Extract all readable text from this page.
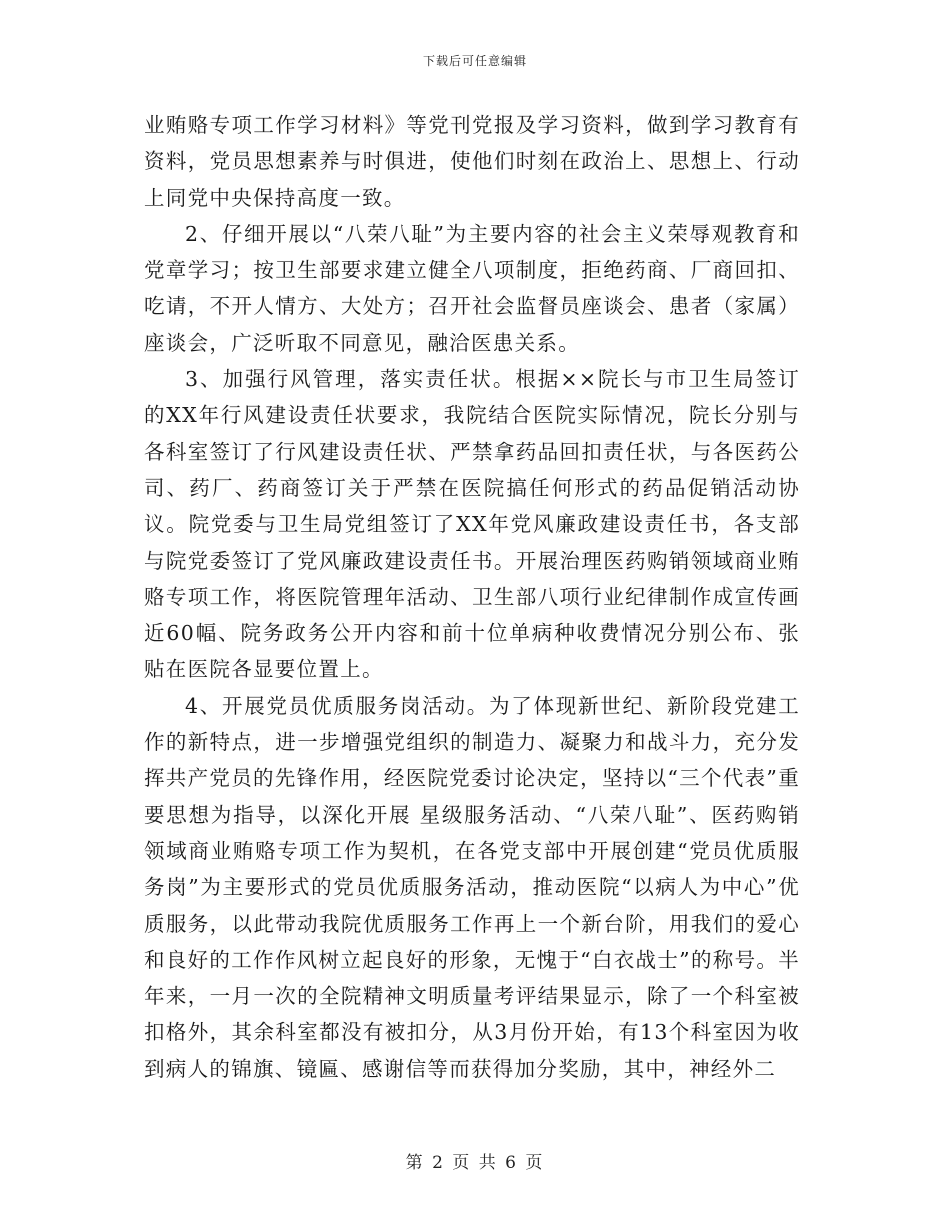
下载后可任意编辑

业贿赂专项工作学习材料》等党刊党报及学习资料，做到学习教育有资料，党员思想素养与时俱进，使他们时刻在政治上、思想上、行动上同党中央保持高度一致。

2、仔细开展以“八荣八耻”为主要内容的社会主义荣辱观教育和党章学习；按卫生部要求建立健全八项制度，拒绝药商、厂商回扣、吃请，不开人情方、大处方；召开社会监督员座谈会、患者（家属）座谈会，广泛听取不同意见，融洽医患关系。

3、加强行风管理，落实责任状。根据××院长与市卫生局签订的XX年行风建设责任状要求，我院结合医院实际情况，院长分别与各科室签订了行风建设责任状、严禁拿药品回扣责任状，与各医药公司、药厂、药商签订关于严禁在医院搞任何形式的药品促销活动协议。院党委与卫生局党组签订了XX年党风廉政建设责任书，各支部与院党委签订了党风廉政建设责任书。开展治理医药购销领域商业贿赂专项工作，将医院管理年活动、卫生部八项行业纪律制作成宣传画近60幅、院务政务公开内容和前十位单病种收费情况分别公布、张贴在医院各显要位置上。

4、开展党员优质服务岗活动。为了体现新世纪、新阶段党建工作的新特点，进一步增强党组织的制造力、凝聚力和战斗力，充分发挥共产党员的先锋作用，经医院党委讨论决定，坚持以“三个代表”重要思想为指导，以深化开展 星级服务活动、“八荣八耻”、医药购销领域商业贿赂专项工作为契机，在各党支部中开展创建“党员优质服务岗”为主要形式的党员优质服务活动，推动医院“以病人为中心”优质服务，以此带动我院优质服务工作再上一个新台阶，用我们的爱心和良好的工作作风树立起良好的形象，无愧于“白衣战士”的称号。半年来，一月一次的全院精神文明质量考评结果显示，除了一个科室被扣格外，其余科室都没有被扣分，从3月份开始，有13个科室因为收到病人的锦旗、镜匾、感谢信等而获得加分奖励，其中，神经外二

第 2 页 共 6 页
